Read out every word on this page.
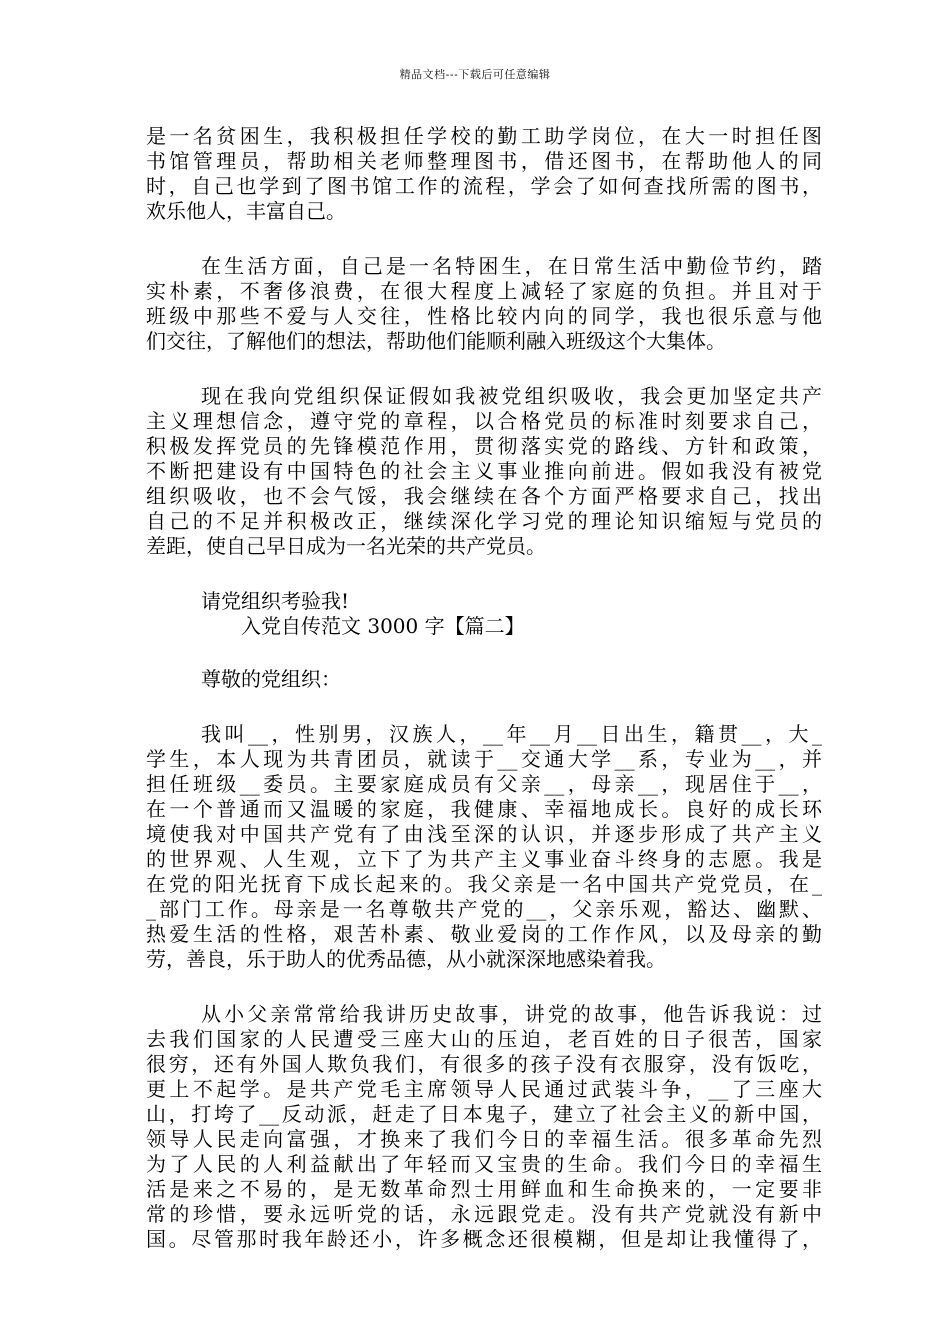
精品文档---下载后可任意编辑
是一名贫困生，我积极担任学校的勤工助学岗位，在大一时担任图
书馆管理员，帮助相关老师整理图书，借还图书，在帮助他人的同
时，自己也学到了图书馆工作的流程，学会了如何查找所需的图书，
欢乐他人，丰富自己。
在生活方面，自己是一名特困生，在日常生活中勤俭节约，踏
实朴素，不奢侈浪费，在很大程度上减轻了家庭的负担。并且对于
班级中那些不爱与人交往，性格比较内向的同学，我也很乐意与他
们交往，了解他们的想法，帮助他们能顺利融入班级这个大集体。
现在我向党组织保证假如我被党组织吸收，我会更加坚定共产
主义理想信念，遵守党的章程，以合格党员的标准时刻要求自己，
积极发挥党员的先锋模范作用，贯彻落实党的路线、方针和政策，
不断把建设有中国特色的社会主义事业推向前进。假如我没有被党
组织吸收，也不会气馁，我会继续在各个方面严格要求自己，找出
自己的不足并积极改正，继续深化学习党的理论知识缩短与党员的
差距，使自己早日成为一名光荣的共产党员。

请党组织考验我!

入党自传范文 3000 字【篇二】

尊敬的党组织：

我叫__，性别男，汉族人，__年__月__日出生，籍贯__，大_
学生，本人现为共青团员，就读于__交通大学__系，专业为__，并
担任班级__委员。主要家庭成员有父亲__，母亲__，现居住于__，
在一个普通而又温暖的家庭，我健康、幸福地成长。良好的成长环
境使我对中国共产党有了由浅至深的认识，并逐步形成了共产主义
的世界观、人生观，立下了为共产主义事业奋斗终身的志愿。我是
在党的阳光抚育下成长起来的。我父亲是一名中国共产党党员，在_
_部门工作。母亲是一名尊敬共产党的__，父亲乐观，豁达、幽默、
热爱生活的性格，艰苦朴素、敬业爱岗的工作作风，以及母亲的勤
劳，善良，乐于助人的优秀品德，从小就深深地感染着我。
从小父亲常常给我讲历史故事，讲党的故事，他告诉我说：过
去我们国家的人民遭受三座大山的压迫，老百姓的日子很苦，国家
很穷，还有外国人欺负我们，有很多的孩子没有衣服穿，没有饭吃，
更上不起学。是共产党毛主席领导人民通过武装斗争，__了三座大
山，打垮了__反动派，赶走了日本鬼子，建立了社会主义的新中国，
领导人民走向富强，才换来了我们今日的幸福生活。很多革命先烈
为了人民的人利益献出了年轻而又宝贵的生命。我们今日的幸福生
活是来之不易的，是无数革命烈士用鲜血和生命换来的，一定要非
常的珍惜，要永远听党的话，永远跟党走。没有共产党就没有新中
国。尽管那时我年龄还小，许多概念还很模糊，但是却让我懂得了，
